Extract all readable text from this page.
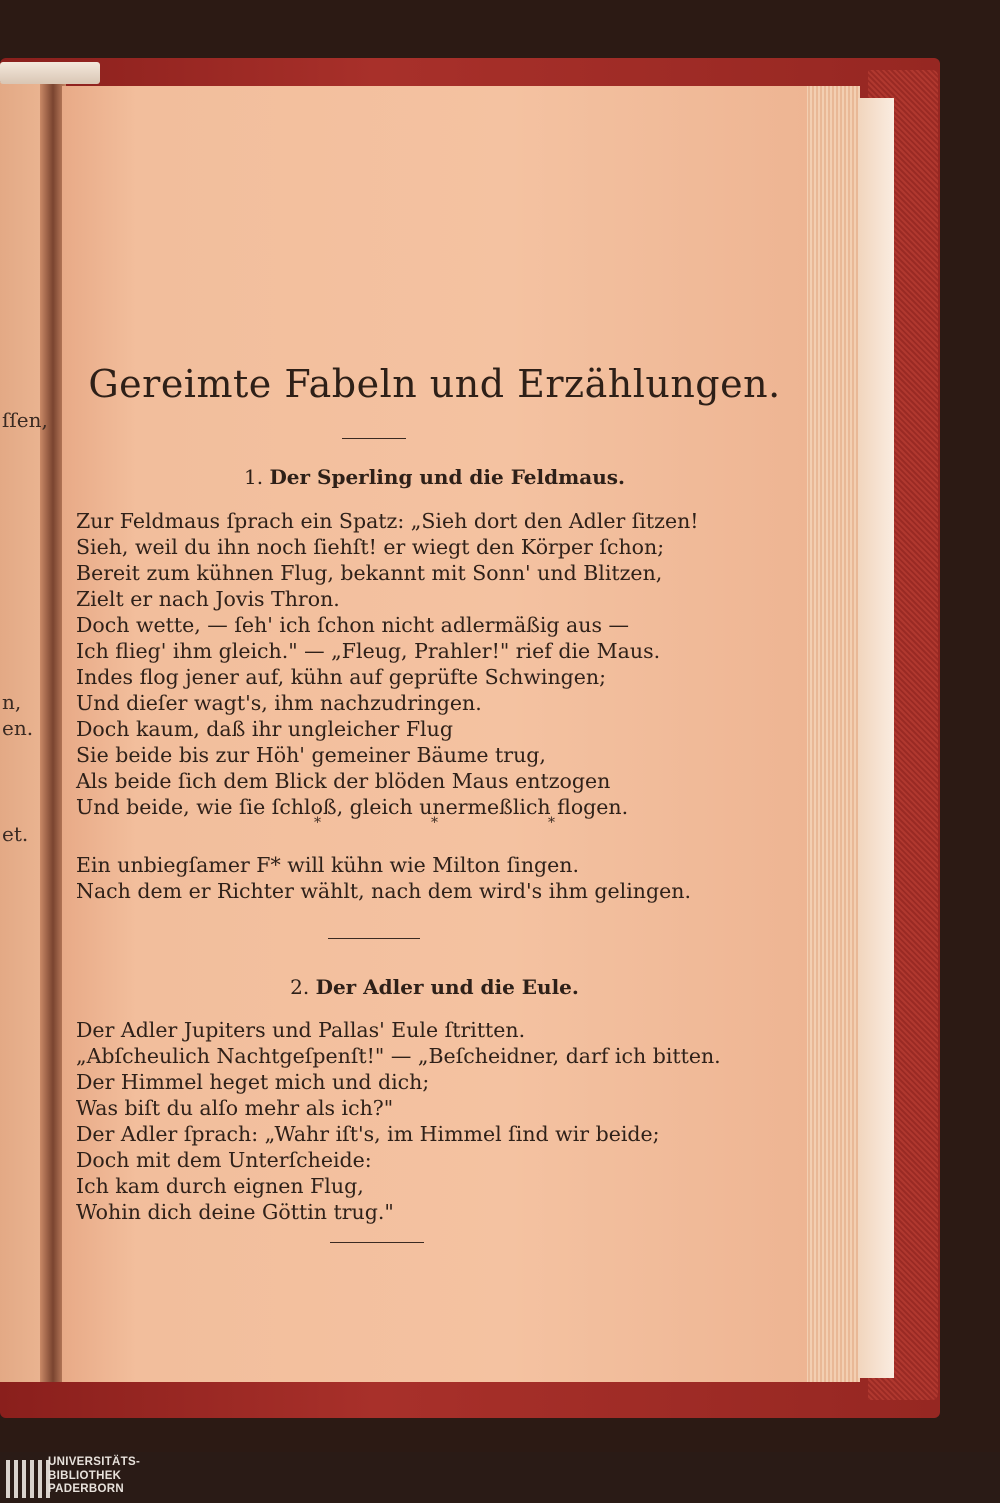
ſſen,
n,
en.
et.
Gereimte Fabeln und Erzählungen.
1. Der Sperling und die Feldmaus.
Zur Feldmaus ſprach ein Spatz: „Sieh dort den Adler ſitzen!
Sieh, weil du ihn noch ſiehſt! er wiegt den Körper ſchon;
Bereit zum kühnen Flug, bekannt mit Sonn' und Blitzen,
Zielt er nach Jovis Thron.
Doch wette, — ſeh' ich ſchon nicht adlermäßig aus —
Ich flieg' ihm gleich." — „Fleug, Prahler!" rief die Maus.
Indes flog jener auf, kühn auf geprüfte Schwingen;
Und dieſer wagt's, ihm nachzudringen.
Doch kaum, daß ihr ungleicher Flug
Sie beide bis zur Höh' gemeiner Bäume trug,
Als beide ſich dem Blick der blöden Maus entzogen
Und beide, wie ſie ſchloß, gleich unermeßlich flogen.
*	*	*
Ein unbiegſamer F* will kühn wie Milton ſingen.
Nach dem er Richter wählt, nach dem wird's ihm gelingen.
2. Der Adler und die Eule.
Der Adler Jupiters und Pallas' Eule ſtritten.
„Abſcheulich Nachtgeſpenſt!" — „Beſcheidner, darf ich bitten.
Der Himmel heget mich und dich;
Was biſt du alſo mehr als ich?"
Der Adler ſprach: „Wahr iſt's, im Himmel ſind wir beide;
Doch mit dem Unterſcheide:
Ich kam durch eignen Flug,
Wohin dich deine Göttin trug."
UNIVERSITÄTS-
BIBLIOTHEK
PADERBORN
